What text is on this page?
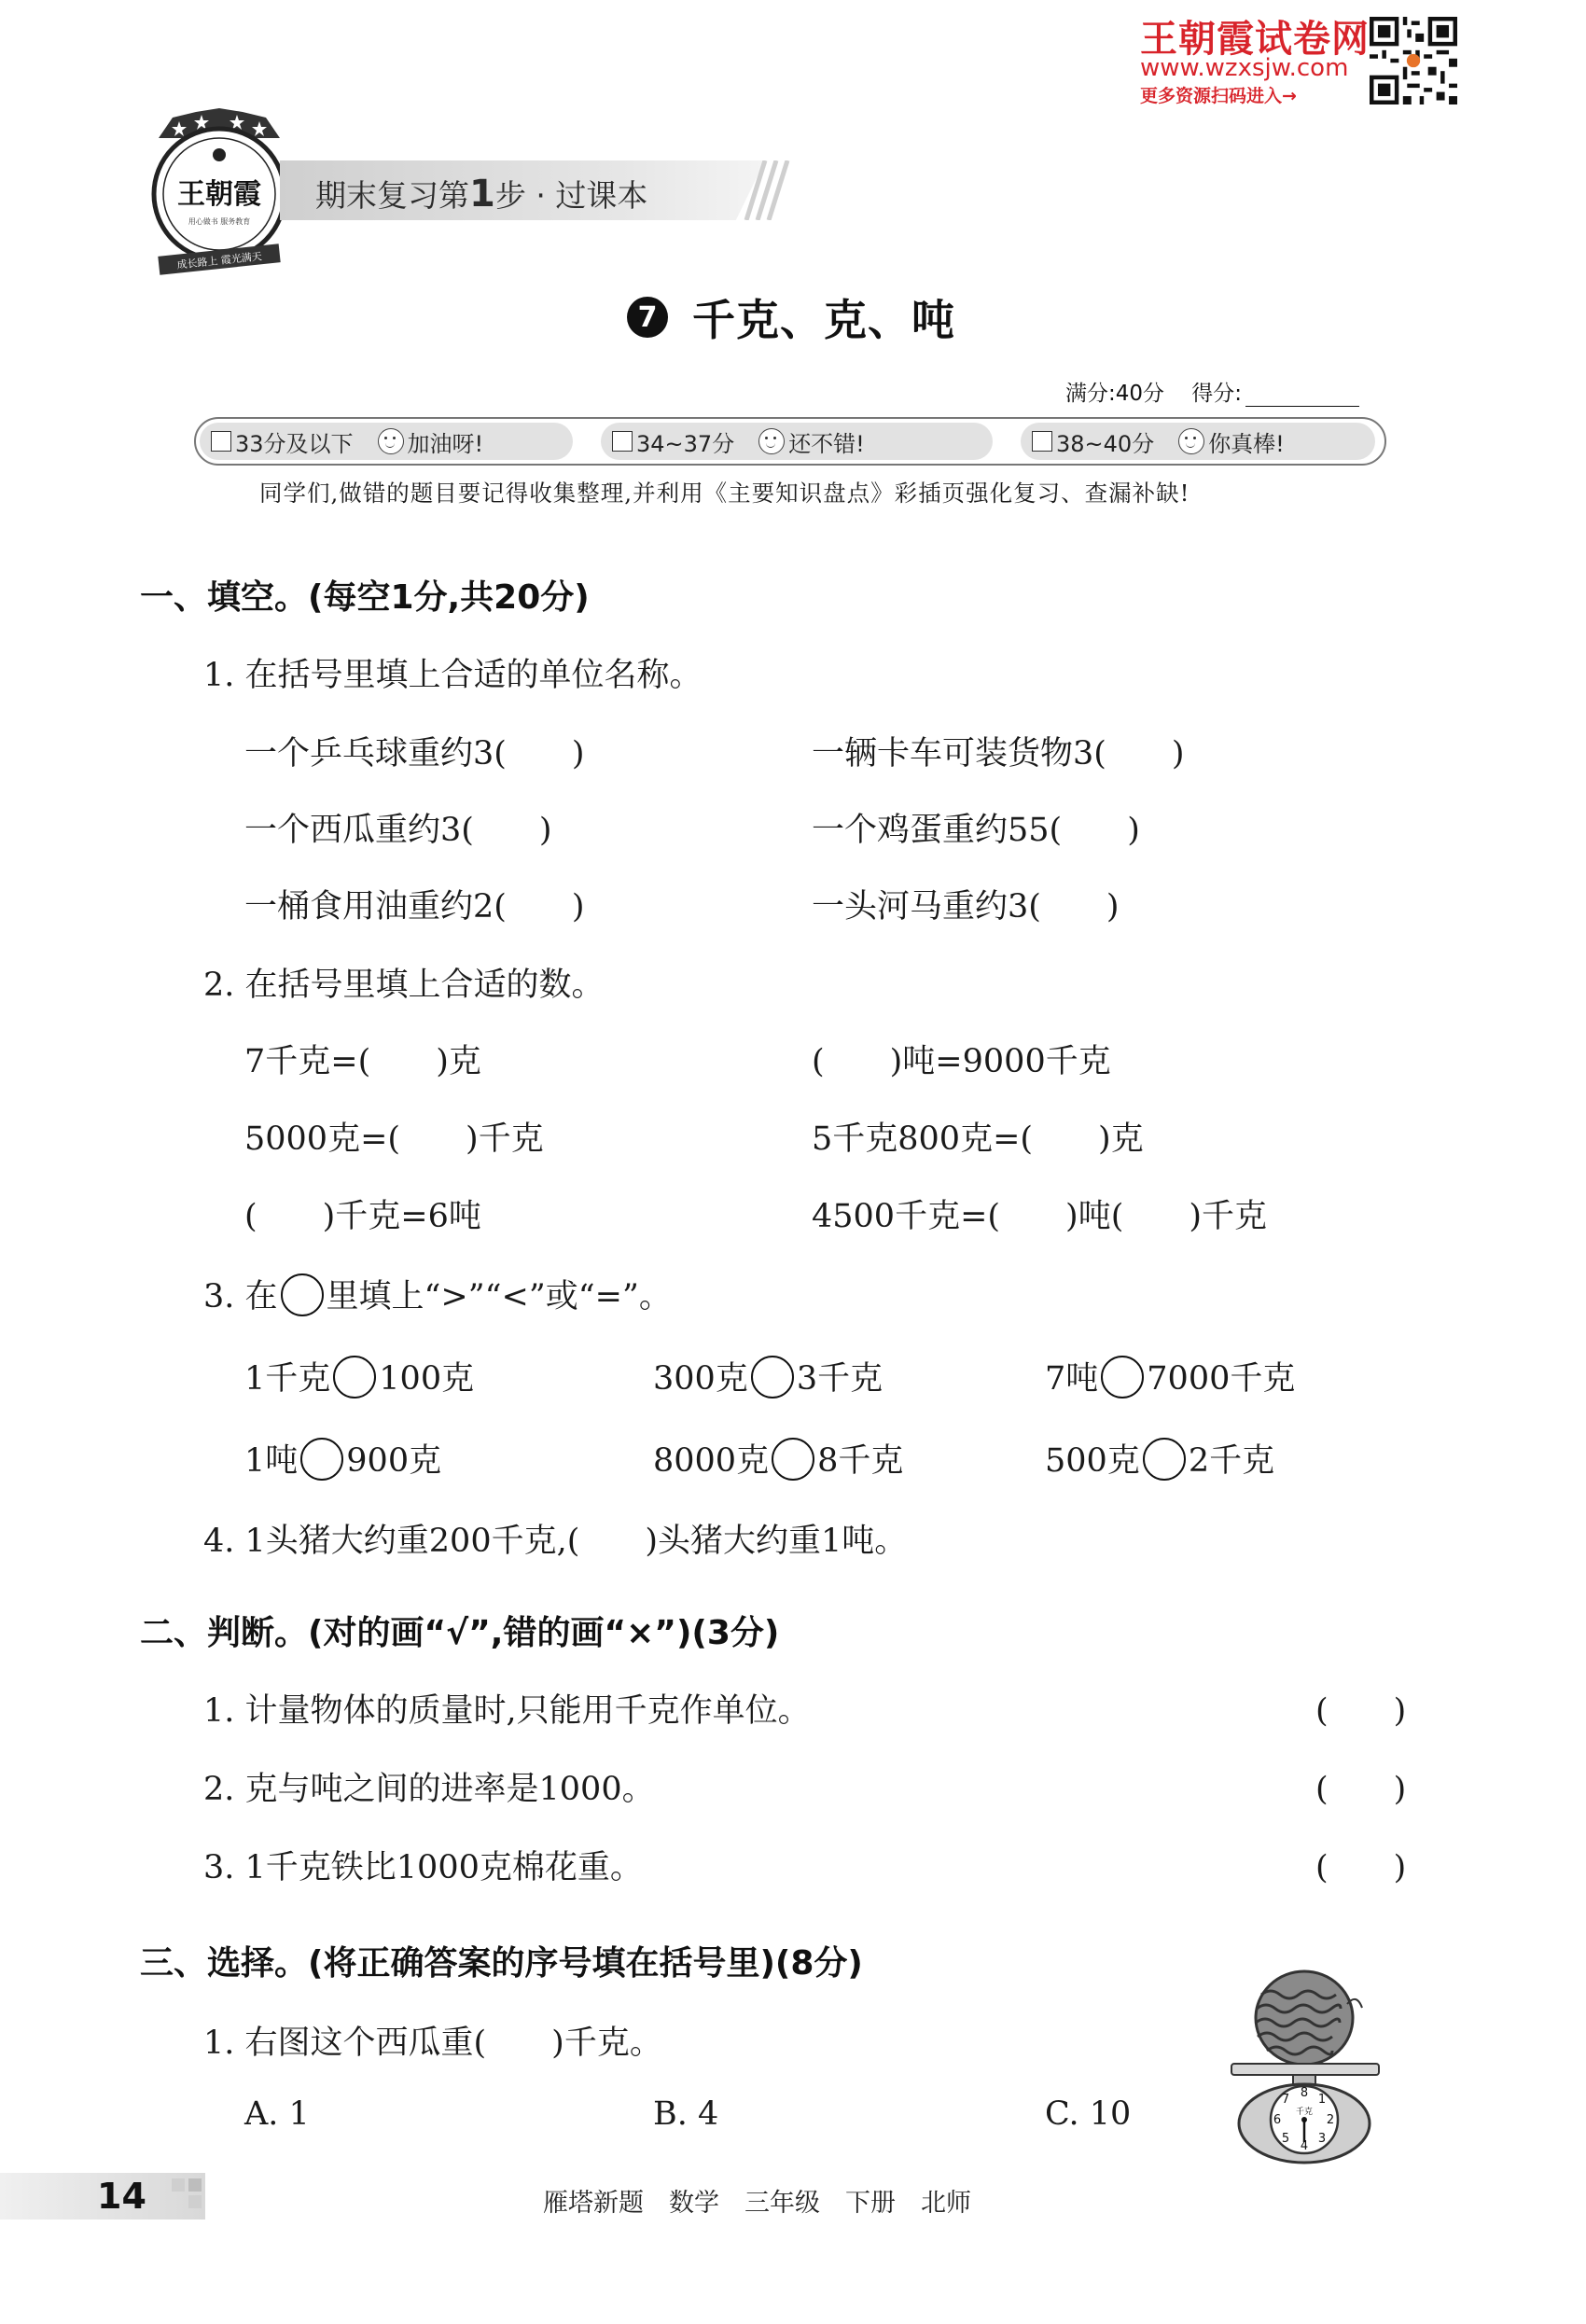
王朝霞试卷网
www.wzxsjw.com
更多资源扫码进入→
王朝霞
用心做书 服务教育
成长路上 霞光满天
期末复习第1步 · 过课本
7 千克、克、吨
满分:40分 得分:
33分及以下 加油呀!	34~37分 还不错!	38~40分 你真棒!
同学们,做错的题目要记得收集整理,并利用《主要知识盘点》彩插页强化复习、查漏补缺!
一、填空。(每空1分,共20分)
1. 在括号里填上合适的单位名称。
一个乒乓球重约3(　　)	一辆卡车可装货物3(　　)
一个西瓜重约3(　　)	一个鸡蛋重约55(　　)
一桶食用油重约2(　　)	一头河马重约3(　　)
2. 在括号里填上合适的数。
7千克=(　　)克	(　　)吨=9000千克
5000克=(　　)千克	5千克800克=(　　)克
(　　)千克=6吨	4500千克=(　　)吨(　　)千克
3. 在 里填上“>”“<”或“=”。
1千克 100克	300克 3千克	7吨 7000千克
1吨 900克	8000克 8千克	500克 2千克
4. 1头猪大约重200千克,(　　)头猪大约重1吨。
二、判断。(对的画“√”,错的画“×”)(3分)
1. 计量物体的质量时,只能用千克作单位。	(　　)
2. 克与吨之间的进率是1000。	(　　)
3. 1千克铁比1000克棉花重。	(　　)
三、选择。(将正确答案的序号填在括号里)(8分)
1. 右图这个西瓜重(　　)千克。
A. 1	B. 4	C. 10
8 1
2
3
4
5
6
7
千克
14	雁塔新题　数学　三年级　下册　北师
